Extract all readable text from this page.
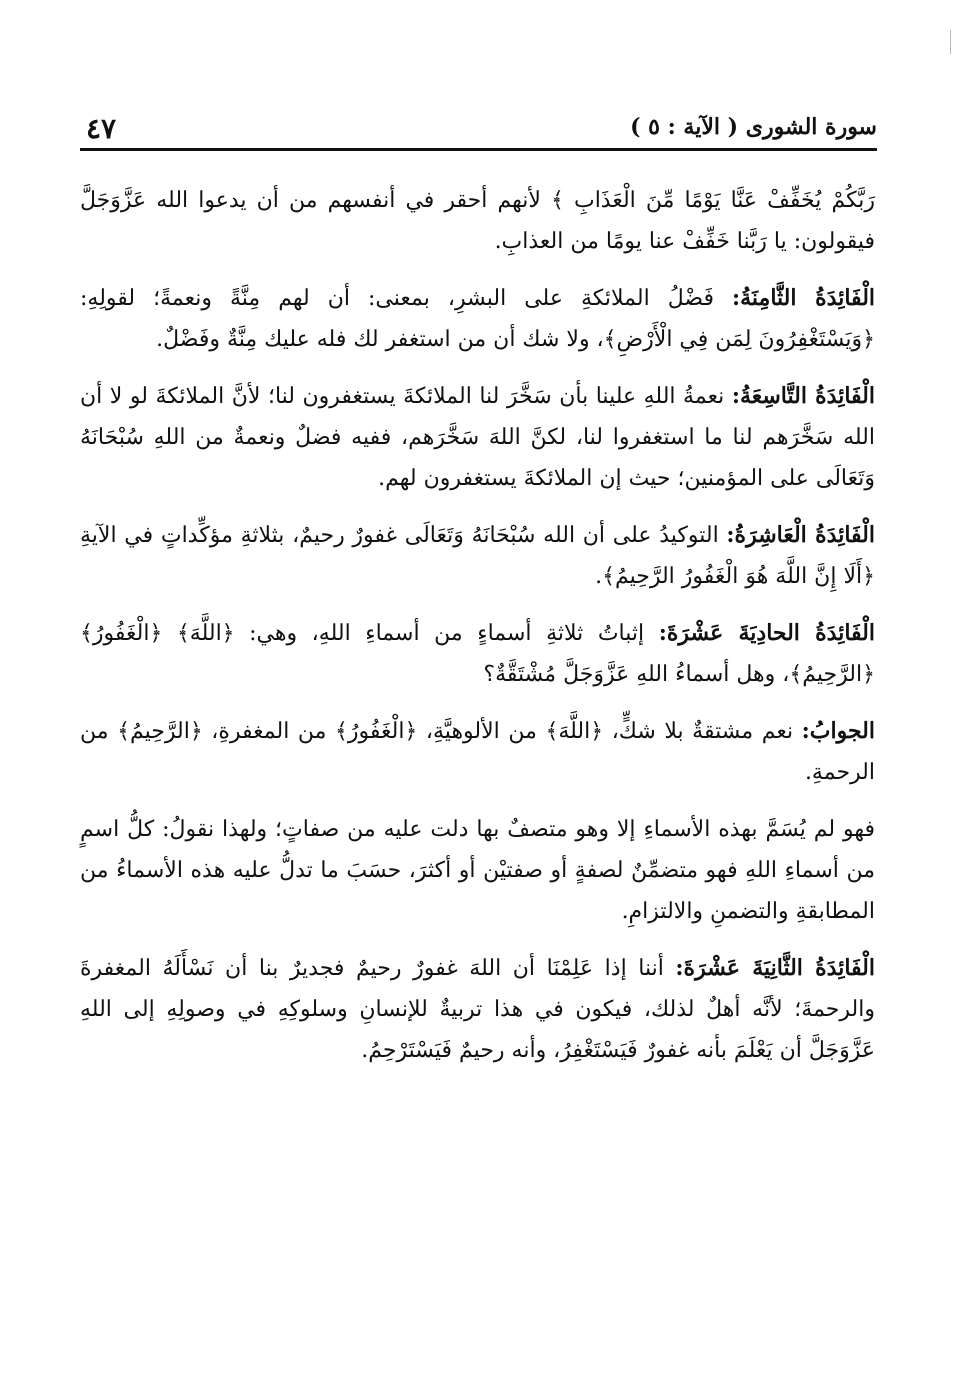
سورة الشورى ( الآية : ٥ )
٤٧

رَبَّكُمْ يُخَفِّفْ عَنَّا يَوْمًا مِّنَ الْعَذَابِ ﴾ لأنهم أحقر في أنفسهم من أن يدعوا الله عَزَّوَجَلَّ فيقولون: يا رَبَّنا خَفِّفْ عنا يومًا من العذابِ.

الْفَائِدَةُ الثَّامِنَةُ: فَضْلُ الملائكةِ على البشرِ، بمعنى: أن لهم مِنَّةً ونعمةً؛ لقولِهِ: ﴿وَيَسْتَغْفِرُونَ لِمَن فِي الْأَرْضِ﴾، ولا شك أن من استغفر لك فله عليك مِنَّةٌ وفَضْلٌ.

الْفَائِدَةُ التَّاسِعَةُ: نعمةُ اللهِ علينا بأن سَخَّرَ لنا الملائكةَ يستغفرون لنا؛ لأنَّ الملائكةَ لو لا أن الله سَخَّرَهم لنا ما استغفروا لنا، لكنَّ اللهَ سَخَّرَهم، ففيه فضلٌ ونعمةٌ من اللهِ سُبْحَانَهُ وَتَعَالَى على المؤمنين؛ حيث إن الملائكةَ يستغفرون لهم.

الْفَائِدَةُ الْعَاشِرَةُ: التوكيدُ على أن الله سُبْحَانَهُ وَتَعَالَى غفورٌ رحيمٌ، بثلاثةِ مؤكِّداتٍ في الآيةِ ﴿أَلَا إِنَّ اللَّهَ هُوَ الْغَفُورُ الرَّحِيمُ﴾.

الْفَائِدَةُ الحادِيَةَ عَشْرَةَ: إثباتُ ثلاثةِ أسماءٍ من أسماءِ اللهِ، وهي: ﴿اللَّهَ﴾ ﴿الْغَفُورُ﴾ ﴿الرَّحِيمُ﴾، وهل أسماءُ اللهِ عَزَّوَجَلَّ مُشْتَقَّةٌ؟

الجوابُ: نعم مشتقةٌ بلا شكٍّ، ﴿اللَّهَ﴾ من الألوهيَّةِ، ﴿الْغَفُورُ﴾ من المغفرةِ، ﴿الرَّحِيمُ﴾ من الرحمةِ.

فهو لم يُسَمَّ بهذه الأسماءِ إلا وهو متصفٌ بها دلت عليه من صفاتٍ؛ ولهذا نقولُ: كلُّ اسمٍ من أسماءِ اللهِ فهو متضمِّنٌ لصفةٍ أو صفتيْن أو أكثرَ، حسَبَ ما تدلُّ عليه هذه الأسماءُ من المطابقةِ والتضمنِ والالتزامِ.

الْفَائِدَةُ الثَّانِيَةَ عَشْرَةَ: أننا إذا عَلِمْنَا أن اللهَ غفورٌ رحيمٌ فجديرٌ بنا أن نَسْأَلَهُ المغفرةَ والرحمةَ؛ لأنَّه أهلٌ لذلك، فيكون في هذا تربيةٌ للإنسانِ وسلوكِهِ في وصولِهِ إلى اللهِ عَزَّوَجَلَّ أن يَعْلَمَ بأنه غفورٌ فَيَسْتَغْفِرُ، وأنه رحيمٌ فَيَسْتَرْحِمُ.
